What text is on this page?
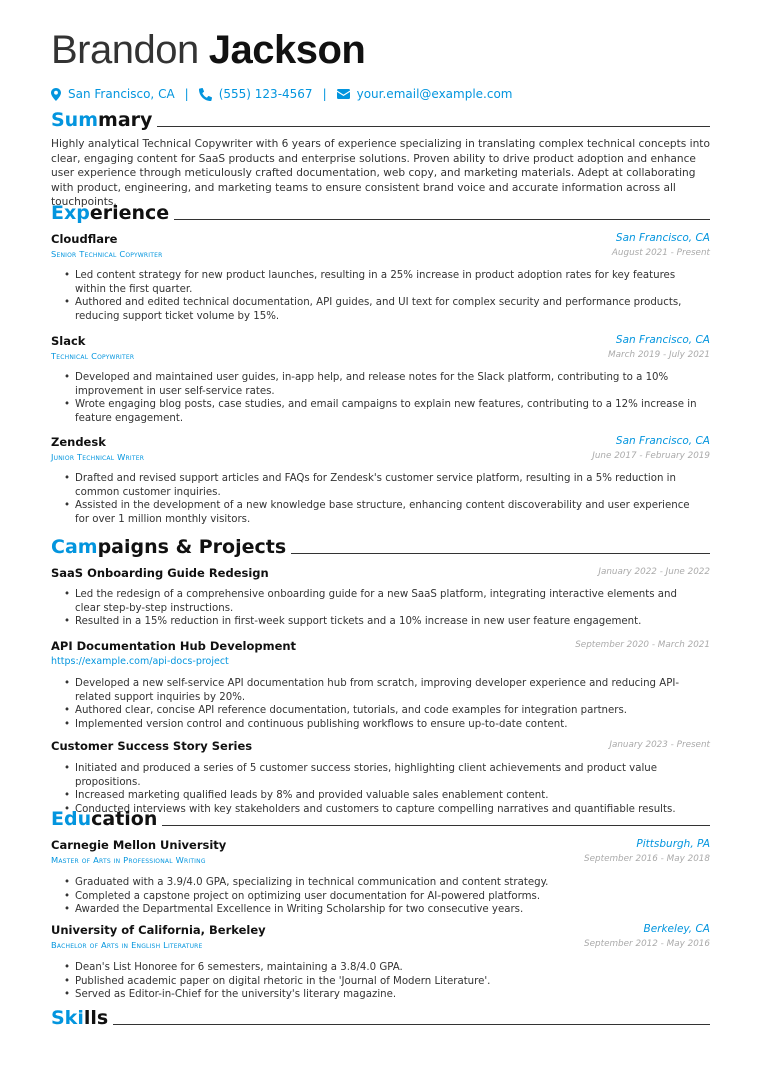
Brandon Jackson
San Francisco, CA |	(555) 123-4567 |	your.email@example.com
Sum mary
Highly analytical Technical Copywriter with 6 years of experience specializing in translating complex technical concepts into clear, engaging content for SaaS products and enterprise solutions. Proven ability to drive product adoption and enhance user experience through meticulously crafted documentation, web copy, and marketing materials. Adept at collaborating with product, engineering, and marketing teams to ensure consistent brand voice and accurate information across all touchpoints.
Exp erience
Cloudflare
Senior Technical Copywriter
San Francisco, CA
August 2021 - Present
• Led content strategy for new product launches, resulting in a 25% increase in product adoption rates for key features within the first quarter.
• Authored and edited technical documentation, API guides, and UI text for complex security and performance products, reducing support ticket volume by 15%.
Slack
Technical Copywriter
San Francisco, CA
March 2019 - July 2021
• Developed and maintained user guides, in-app help, and release notes for the Slack platform, contributing to a 10% improvement in user self-service rates.
• Wrote engaging blog posts, case studies, and email campaigns to explain new features, contributing to a 12% increase in feature engagement.
Zendesk
Junior Technical Writer
San Francisco, CA
June 2017 - February 2019
• Drafted and revised support articles and FAQs for Zendesk's customer service platform, resulting in a 5% reduction in common customer inquiries.
• Assisted in the development of a new knowledge base structure, enhancing content discoverability and user experience for over 1 million monthly visitors.
Cam paigns & Projects
SaaS Onboarding Guide Redesign	January 2022 - June 2022
• Led the redesign of a comprehensive onboarding guide for a new SaaS platform, integrating interactive elements and clear step-by-step instructions.
• Resulted in a 15% reduction in first-week support tickets and a 10% increase in new user feature engagement.
API Documentation Hub Development
https://example.com/api-docs-project
September 2020 - March 2021
• Developed a new self-service API documentation hub from scratch, improving developer experience and reducing API-related support inquiries by 20%.
• Authored clear, concise API reference documentation, tutorials, and code examples for integration partners.
• Implemented version control and continuous publishing workflows to ensure up-to-date content.
Customer Success Story Series	January 2023 - Present
• Initiated and produced a series of 5 customer success stories, highlighting client achievements and product value propositions.
• Increased marketing qualified leads by 8% and provided valuable sales enablement content.
• Conducted interviews with key stakeholders and customers to capture compelling narratives and quantifiable results.
Edu cation
Carnegie Mellon University
Master of Arts in Professional Writing
Pittsburgh, PA
September 2016 - May 2018
• Graduated with a 3.9/4.0 GPA, specializing in technical communication and content strategy.
• Completed a capstone project on optimizing user documentation for AI-powered platforms.
• Awarded the Departmental Excellence in Writing Scholarship for two consecutive years.
University of California, Berkeley
Bachelor of Arts in English Literature
Berkeley, CA
September 2012 - May 2016
• Dean's List Honoree for 6 semesters, maintaining a 3.8/4.0 GPA.
• Published academic paper on digital rhetoric in the 'Journal of Modern Literature'.
• Served as Editor-in-Chief for the university's literary magazine.
Ski lls
